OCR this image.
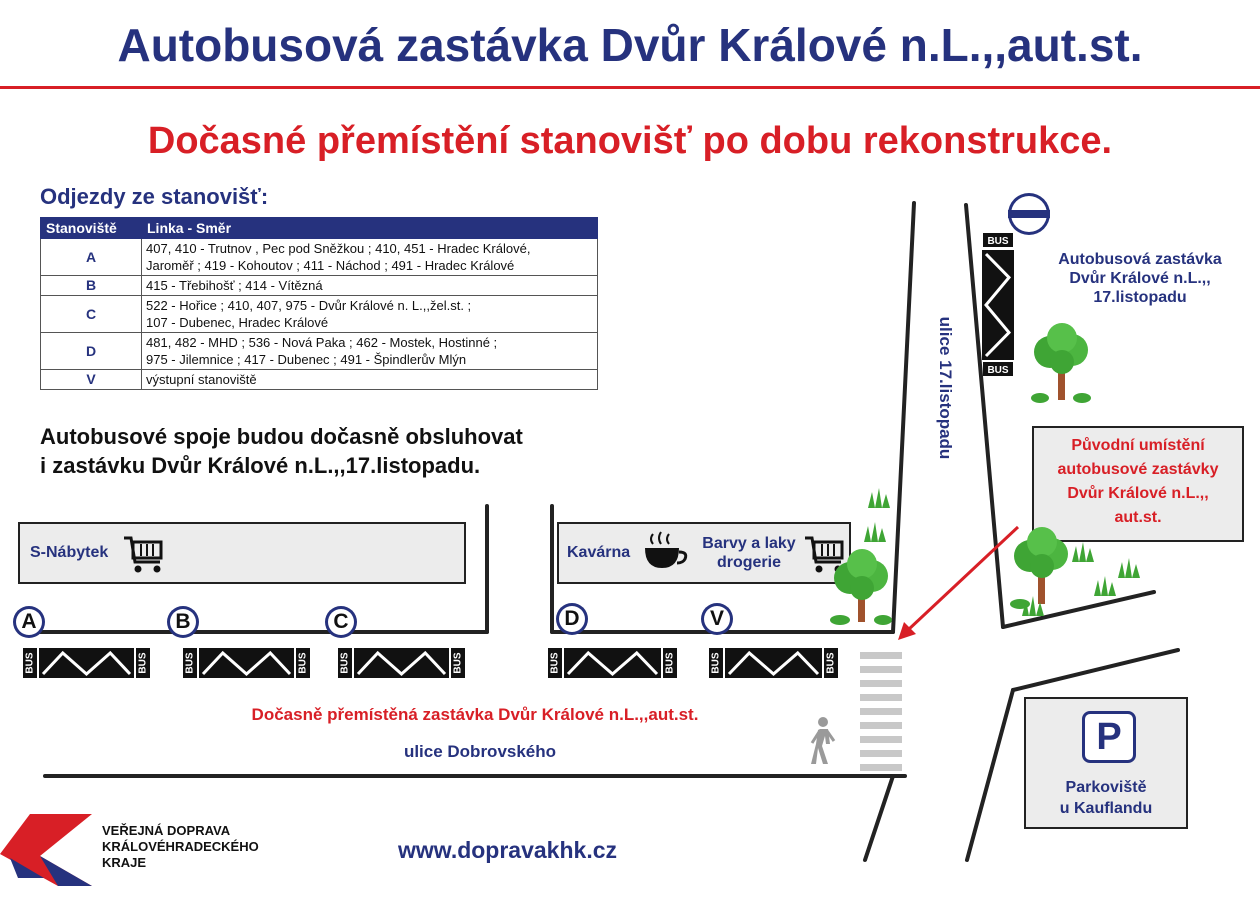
Autobusová zastávka Dvůr Králové n.L.,,aut.st.
Dočasné přemístění stanovišť po dobu rekonstrukce.
Odjezdy ze stanovišť:
Stanoviště	Linka - Směr
A	407, 410 - Trutnov , Pec pod Sněžkou ; 410, 451 - Hradec Králové,
Jaroměř ; 419 - Kohoutov ; 411 - Náchod ; 491 - Hradec Králové

B	415 - Třebihošť ; 414 - Vítězná

C	522 - Hořice ; 410, 407, 975 - Dvůr Králové n. L.,,žel.st. ;
107 - Dubenec, Hradec Králové

D	481, 482 - MHD ; 536 - Nová Paka ; 462 - Mostek, Hostinné ;
975 - Jilemnice ; 417 - Dubenec ; 491 - Špindlerův Mlýn

V	výstupní stanoviště
Autobusové spoje budou dočasně obsluhovat
i zastávku Dvůr Králové n.L.,,17.listopadu.
BUS	BUS	BUS	BUS	BUS	BUS	BUS	BUS	BUS	BUS
BUS
BUS
S-Nábytek	Kavárna
Barvy a laky
drogerie
A	B	C	D	V
Dočasně přemístěná zastávka Dvůr Králové n.L.,,aut.st.
ulice Dobrovského
ulice 17.listopadu
Autobusová zastávka
Dvůr Králové n.L.,,
17.listopadu
Původní umístění
autobusové zastávky
Dvůr Králové n.L.,,
aut.st.
P
Parkoviště
u Kauflandu
VEŘEJNÁ DOPRAVA
KRÁLOVÉHRADECKÉHO
KRAJE	www.dopravakhk.cz
